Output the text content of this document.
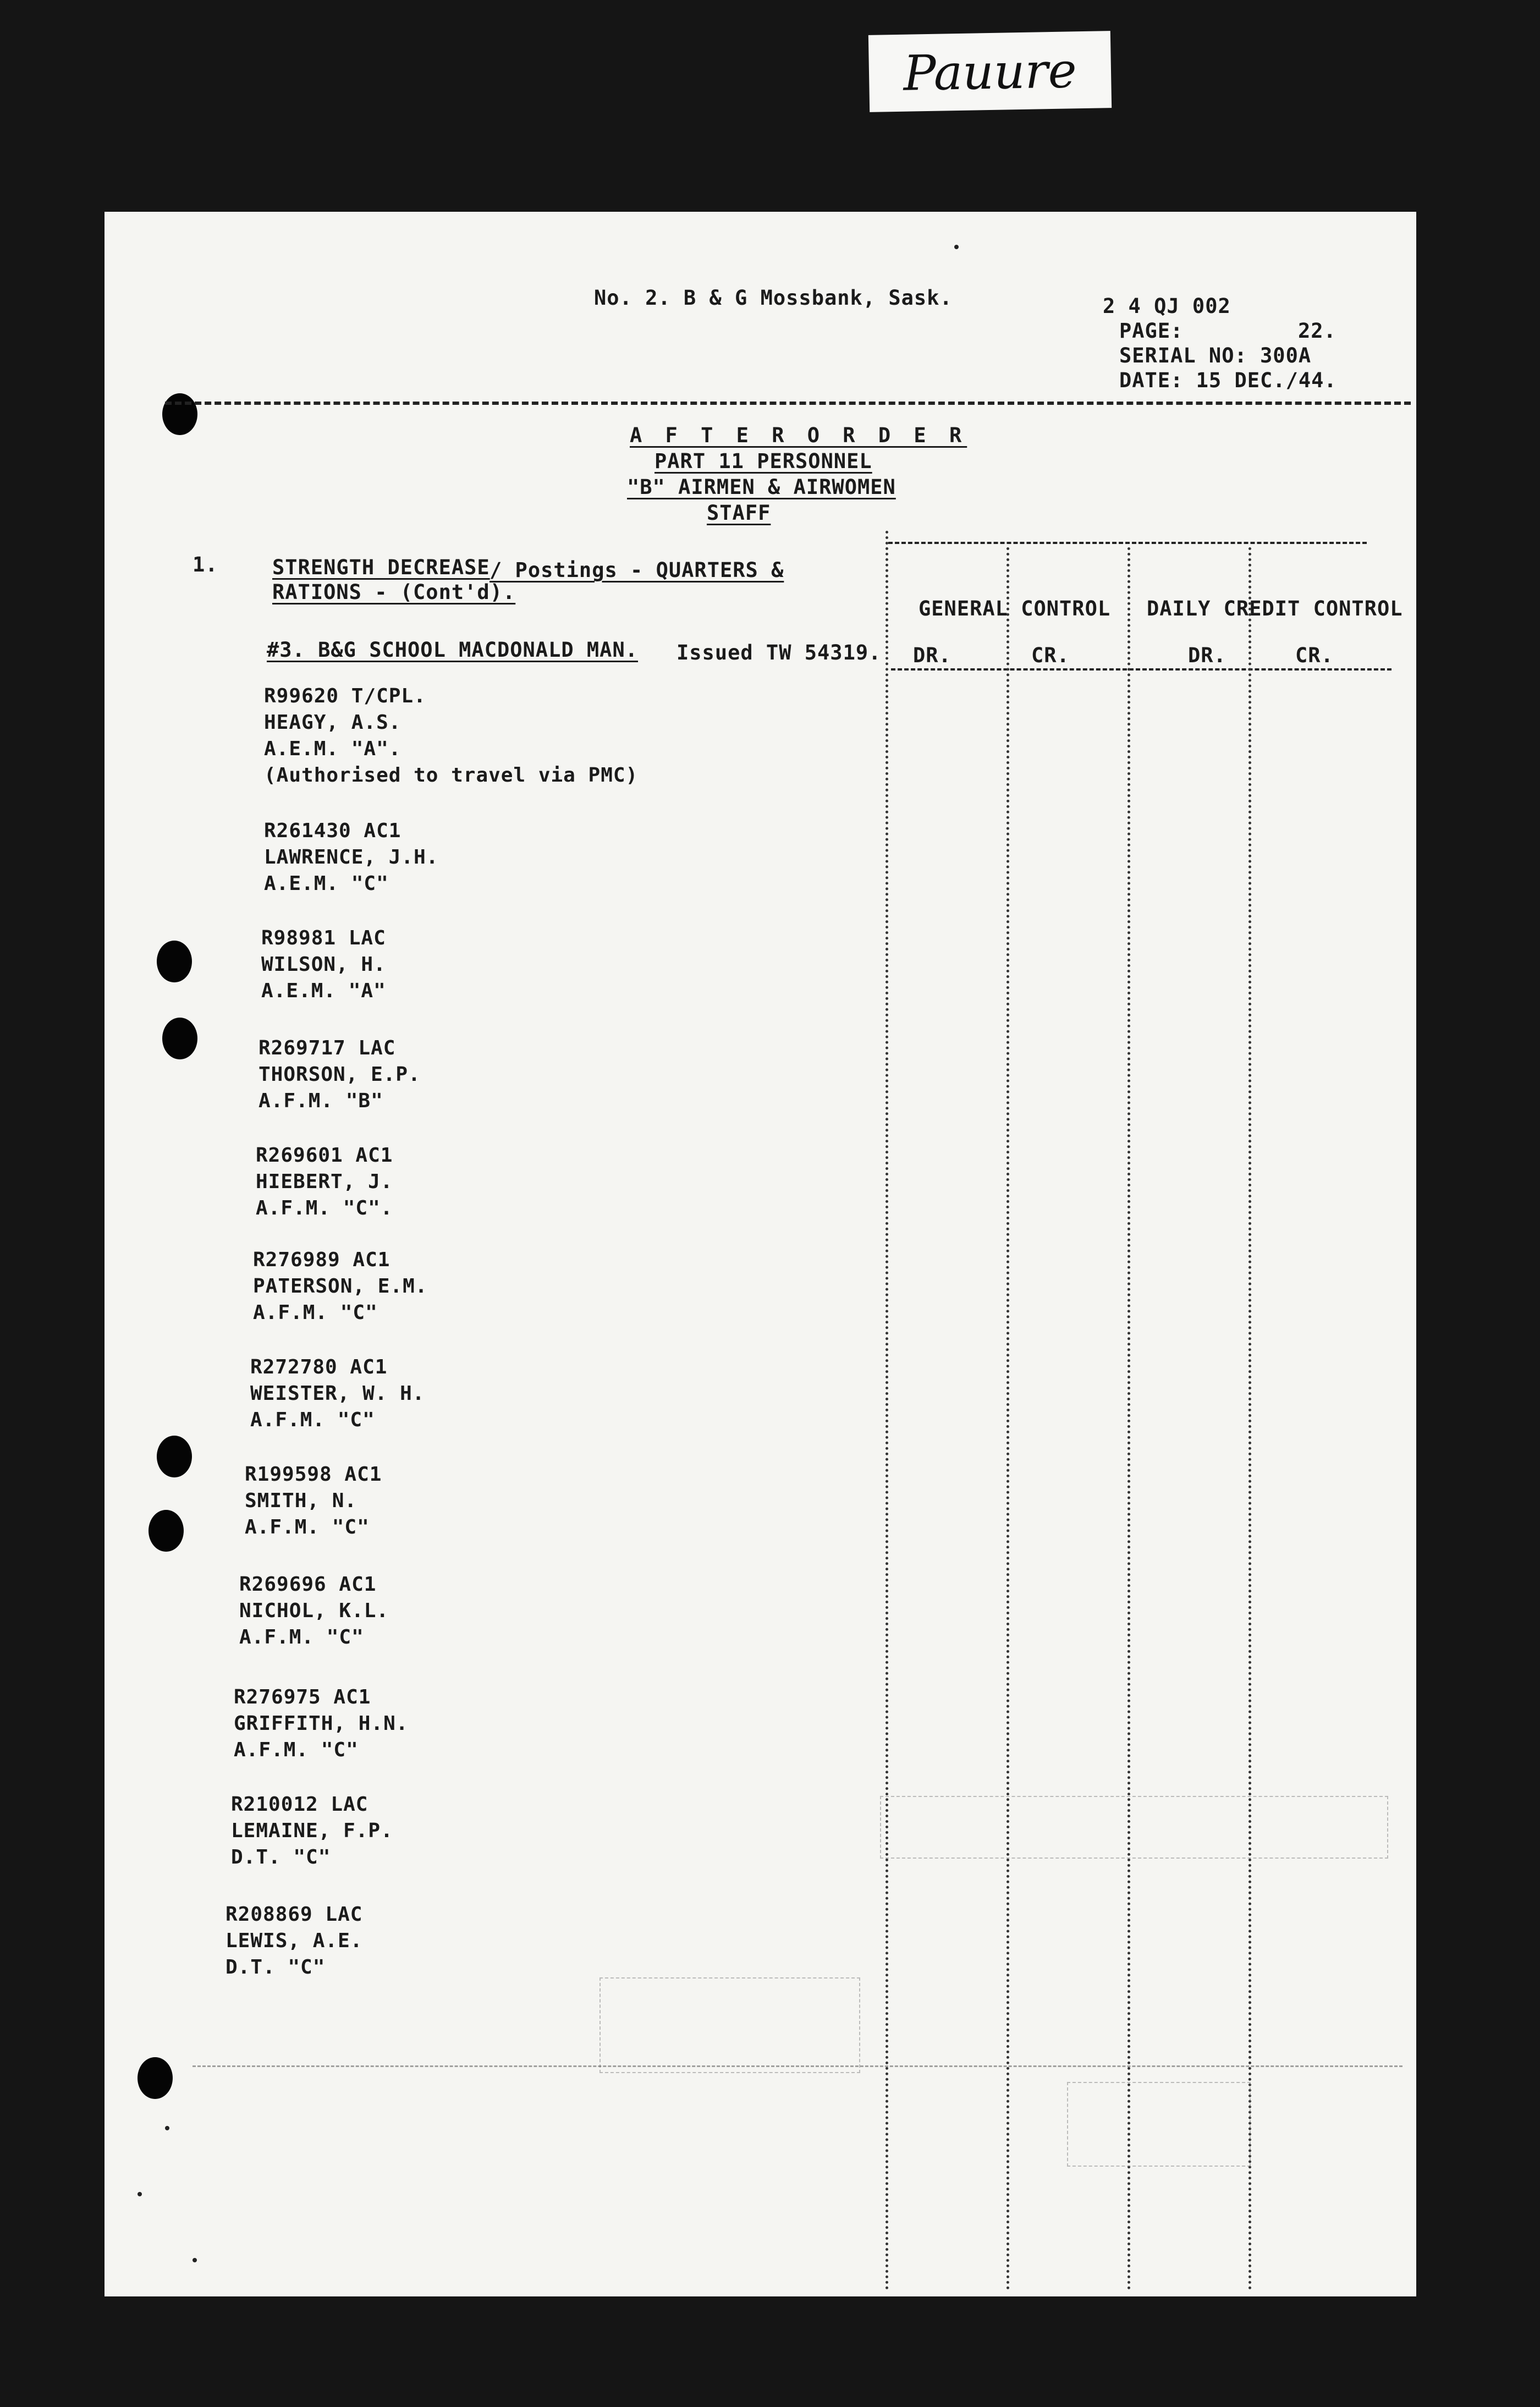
Pauure
No. 2. B & G Mossbank, Sask.	2 4 QJ 002
PAGE:	22.
SERIAL NO: 300A
DATE: 15 DEC./44.
A F T E R O R D E R
PART 11 PERSONNEL
"B" AIRMEN & AIRWOMEN
STAFF
1.	STRENGTH DECREASE / Postings - QUARTERS &
RATIONS - (Cont'd).
#3. B&G SCHOOL MACDONALD MAN. Issued TW 54319.
GENERAL CONTROL DAILY CREDIT CONTROL
DR.	CR.	DR.	CR.
R99620 T/CPL.
HEAGY, A.S.
A.E.M. "A".
(Authorised to travel via PMC)
R261430 AC1
LAWRENCE, J.H.
A.E.M. "C"
R98981 LAC
WILSON, H.
A.E.M. "A"
R269717 LAC
THORSON, E.P.
A.F.M. "B"
R269601 AC1
HIEBERT, J.
A.F.M. "C".
R276989 AC1
PATERSON, E.M.
A.F.M. "C"
R272780 AC1
WEISTER, W. H.
A.F.M. "C"
R199598 AC1
SMITH, N.
A.F.M. "C"
R269696 AC1
NICHOL, K.L.
A.F.M. "C"
R276975 AC1
GRIFFITH, H.N.
A.F.M. "C"
R210012 LAC
LEMAINE, F.P.
D.T. "C"
R208869 LAC
LEWIS, A.E.
D.T. "C"
